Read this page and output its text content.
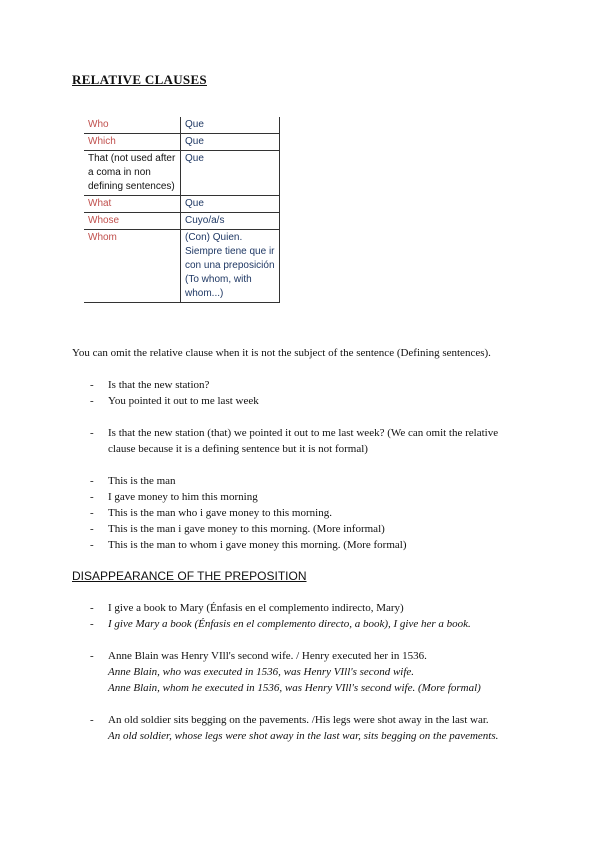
RELATIVE CLAUSES
Who	Que
Which	Que
That (not used after a coma in non defining sentences)	Que
What	Que
Whose	Cuyo/a/s
Whom	(Con) Quien. Siempre tiene que ir con una preposición (To whom, with whom...)
You can omit the relative clause when it is not the subject of the sentence (Defining sentences).
- Is that the new station?
- You pointed it out to me last week
- Is that the new station (that) we pointed it out to me last week? (We can omit the relative clause because it is a defining sentence but it is not formal)
- This is the man
- I gave money to him this morning
- This is the man who i gave money to this morning.
- This is the man i gave money to this morning. (More informal)
- This is the man to whom i gave money this morning. (More formal)
DISAPPEARANCE OF THE PREPOSITION
- I give a book to Mary (Énfasis en el complemento indirecto, Mary)
- I give Mary a book (Énfasis en el complemento directo, a book), I give her a book.
- Anne Blain was Henry VIll's second wife. / Henry executed her in 1536.
Anne Blain, who was executed in 1536, was Henry VIll's second wife.
Anne Blain, whom he executed in 1536, was Henry VIll's second wife. (More formal)
- An old soldier sits begging on the pavements. /His legs were shot away in the last war.
An old soldier, whose legs were shot away in the last war, sits begging on the pavements.
